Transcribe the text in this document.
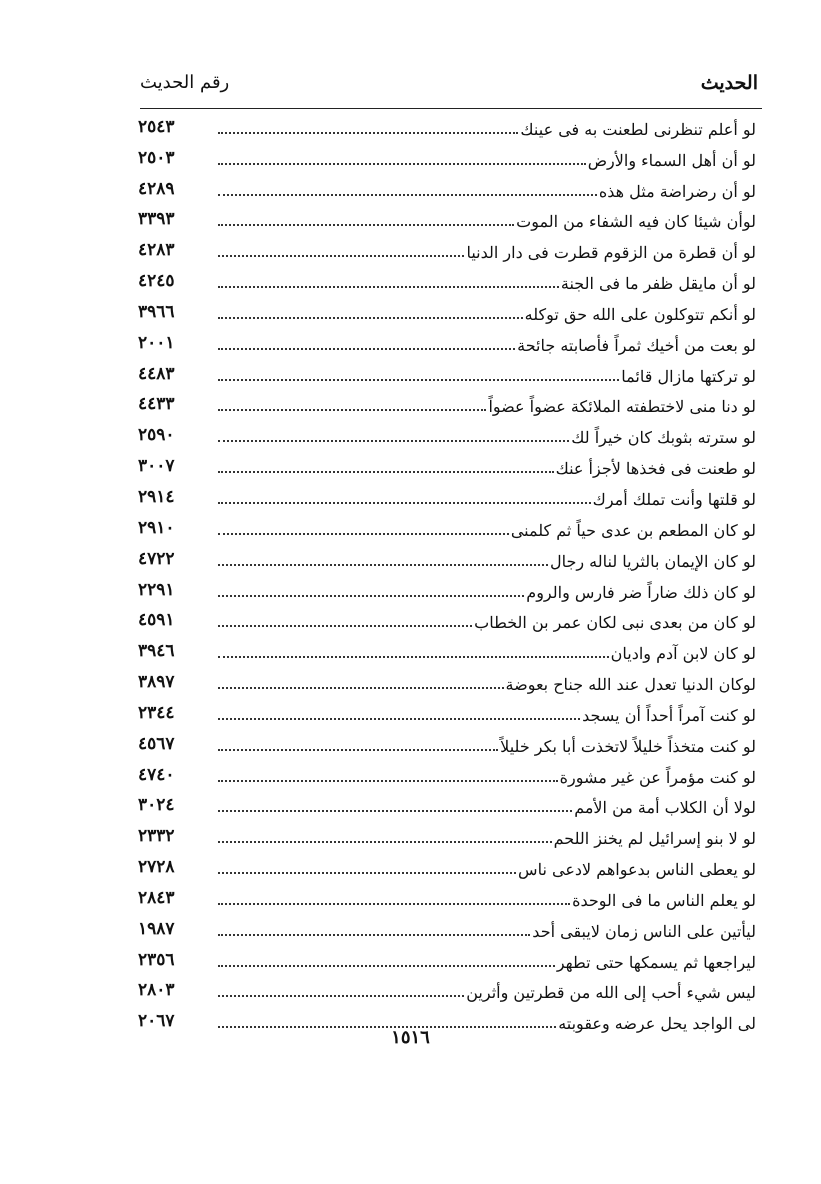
الحديث
رقم الحديث
لو أعلم تنظرنى لطعنت به فى عينك
٢٥٤٣
لو أن أهل السماء والأرض
٢٥٠٣
لو أن رضراضة مثل هذه
٤٢٨٩
لوأن شيئا كان فيه الشفاء من الموت
٣٣٩٣
لو أن قطرة من الزقوم قطرت فى دار الدنيا
٤٢٨٣
لو أن مايقل ظفر ما فى الجنة
٤٢٤٥
لو أنكم تتوكلون على الله حق توكله
٣٩٦٦
لو بعت من أخيك ثمراً فأصابته جائحة
٢٠٠١
لو تركتها مازال قائما
٤٤٨٣
لو دنا منى لاختطفته الملائكة عضواً عضواً
٤٤٣٣
لو سترته بثوبك كان خيراً لك
٢٥٩٠
لو طعنت فى فخذها لأجزأ عنك
٣٠٠٧
لو قلتها وأنت تملك أمرك
٢٩١٤
لو كان المطعم بن عدى حياً ثم كلمنى
٢٩١٠
لو كان الإيمان بالثريا لناله رجال
٤٧٢٢
لو كان ذلك ضاراً ضر فارس والروم
٢٢٩١
لو كان من بعدى نبى لكان عمر بن الخطاب
٤٥٩١
لو كان لابن آدم واديان
٣٩٤٦
لوكان الدنيا تعدل عند الله جناح بعوضة
٣٨٩٧
لو كنت آمراً أحداً أن يسجد
٢٣٤٤
لو كنت متخذاً خليلاً لاتخذت أبا بكر خليلاً
٤٥٦٧
لو كنت مؤمراً عن غير مشورة
٤٧٤٠
لولا أن الكلاب أمة من الأمم
٣٠٢٤
لو لا بنو إسرائيل لم يخنز اللحم
٢٣٣٢
لو يعطى الناس بدعواهم لادعى ناس
٢٧٢٨
لو يعلم الناس ما فى الوحدة
٢٨٤٣
ليأتين على الناس زمان لايبقى أحد
١٩٨٧
ليراجعها ثم يسمكها حتى تطهر
٢٣٥٦
ليس شيء أحب إلى الله من قطرتين وأثرين
٢٨٠٣
لى الواجد يحل عرضه وعقوبته
٢٠٦٧
١٥١٦
